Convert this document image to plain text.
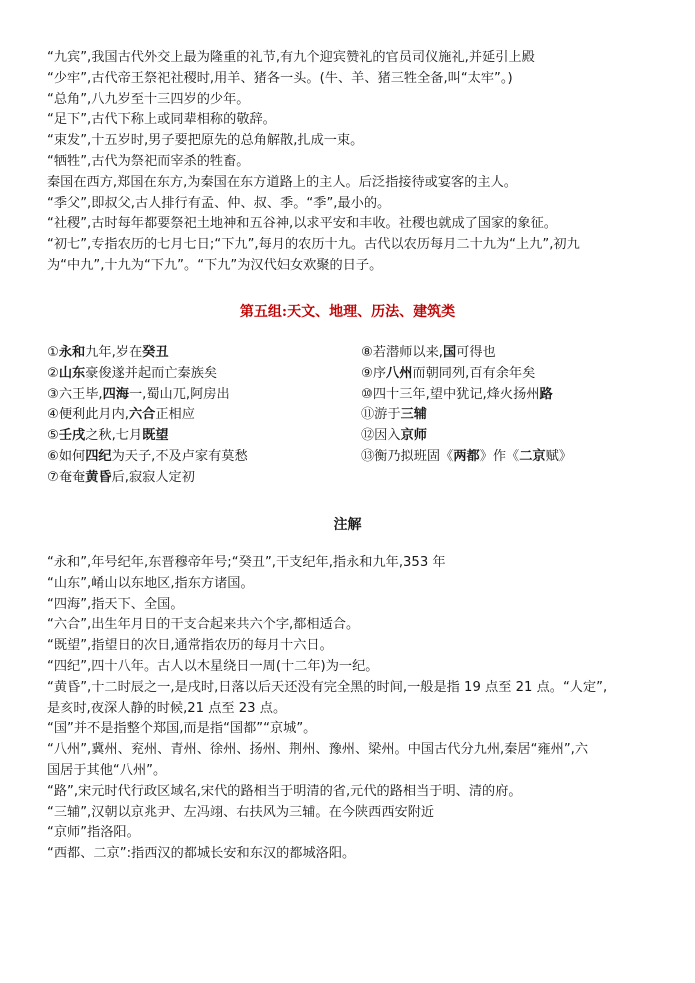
“九宾”,我国古代外交上最为隆重的礼节,有九个迎宾赞礼的官员司仪施礼,并延引上殿
“少牢”,古代帝王祭祀社稷时,用羊、猪各一头。(牛、羊、猪三牲全备,叫“太牢”。)
“总角”,八九岁至十三四岁的少年。
“足下”,古代下称上或同辈相称的敬辞。
“束发”,十五岁时,男子要把原先的总角解散,扎成一束。
“牺牲”,古代为祭祀而宰杀的牲畜。
秦国在西方,郑国在东方,为秦国在东方道路上的主人。后泛指接待或宴客的主人。
“季父”,即叔父,古人排行有孟、仲、叔、季。“季”,最小的。
“社稷”,古时每年都要祭祀土地神和五谷神,以求平安和丰收。社稷也就成了国家的象征。
“初七”,专指农历的七月七日;“下九”,每月的农历十九。古代以农历每月二十九为“上九”,初九
为“中九”,十九为“下九”。“下九”为汉代妇女欢聚的日子。
第五组:天文、地理、历法、建筑类
①永和九年,岁在癸丑	⑧若潜师以来,国可得也
②山东豪俊遂并起而亡秦族矣	⑨序八州而朝同列,百有余年矣
③六王毕,四海一,蜀山兀,阿房出	⑩四十三年,望中犹记,烽火扬州路
④便利此月内,六合正相应	⑪游于三辅
⑤壬戌之秋,七月既望	⑫因入京师
⑥如何四纪为天子,不及卢家有莫愁	⑬衡乃拟班固《两都》作《二京赋》
⑦奄奄黄昏后,寂寂人定初
注解
“永和”,年号纪年,东晋穆帝年号;“癸丑”,干支纪年,指永和九年,353 年
“山东”,崤山以东地区,指东方诸国。
“四海”,指天下、全国。
“六合”,出生年月日的干支合起来共六个字,都相适合。
“既望”,指望日的次日,通常指农历的每月十六日。
“四纪”,四十八年。古人以木星绕日一周(十二年)为一纪。
“黄昏”,十二时辰之一,是戌时,日落以后天还没有完全黑的时间,一般是指 19 点至 21 点。“人定”,
是亥时,夜深人静的时候,21 点至 23 点。
“国”并不是指整个郑国,而是指“国都”“京城”。
“八州”,冀州、兖州、青州、徐州、扬州、荆州、豫州、梁州。中国古代分九州,秦居“雍州”,六
国居于其他“八州”。
“路”,宋元时代行政区域名,宋代的路相当于明清的省,元代的路相当于明、清的府。
“三辅”,汉朝以京兆尹、左冯翊、右扶风为三辅。在今陕西西安附近
“京师”指洛阳。
“西都、二京”:指西汉的都城长安和东汉的都城洛阳。
